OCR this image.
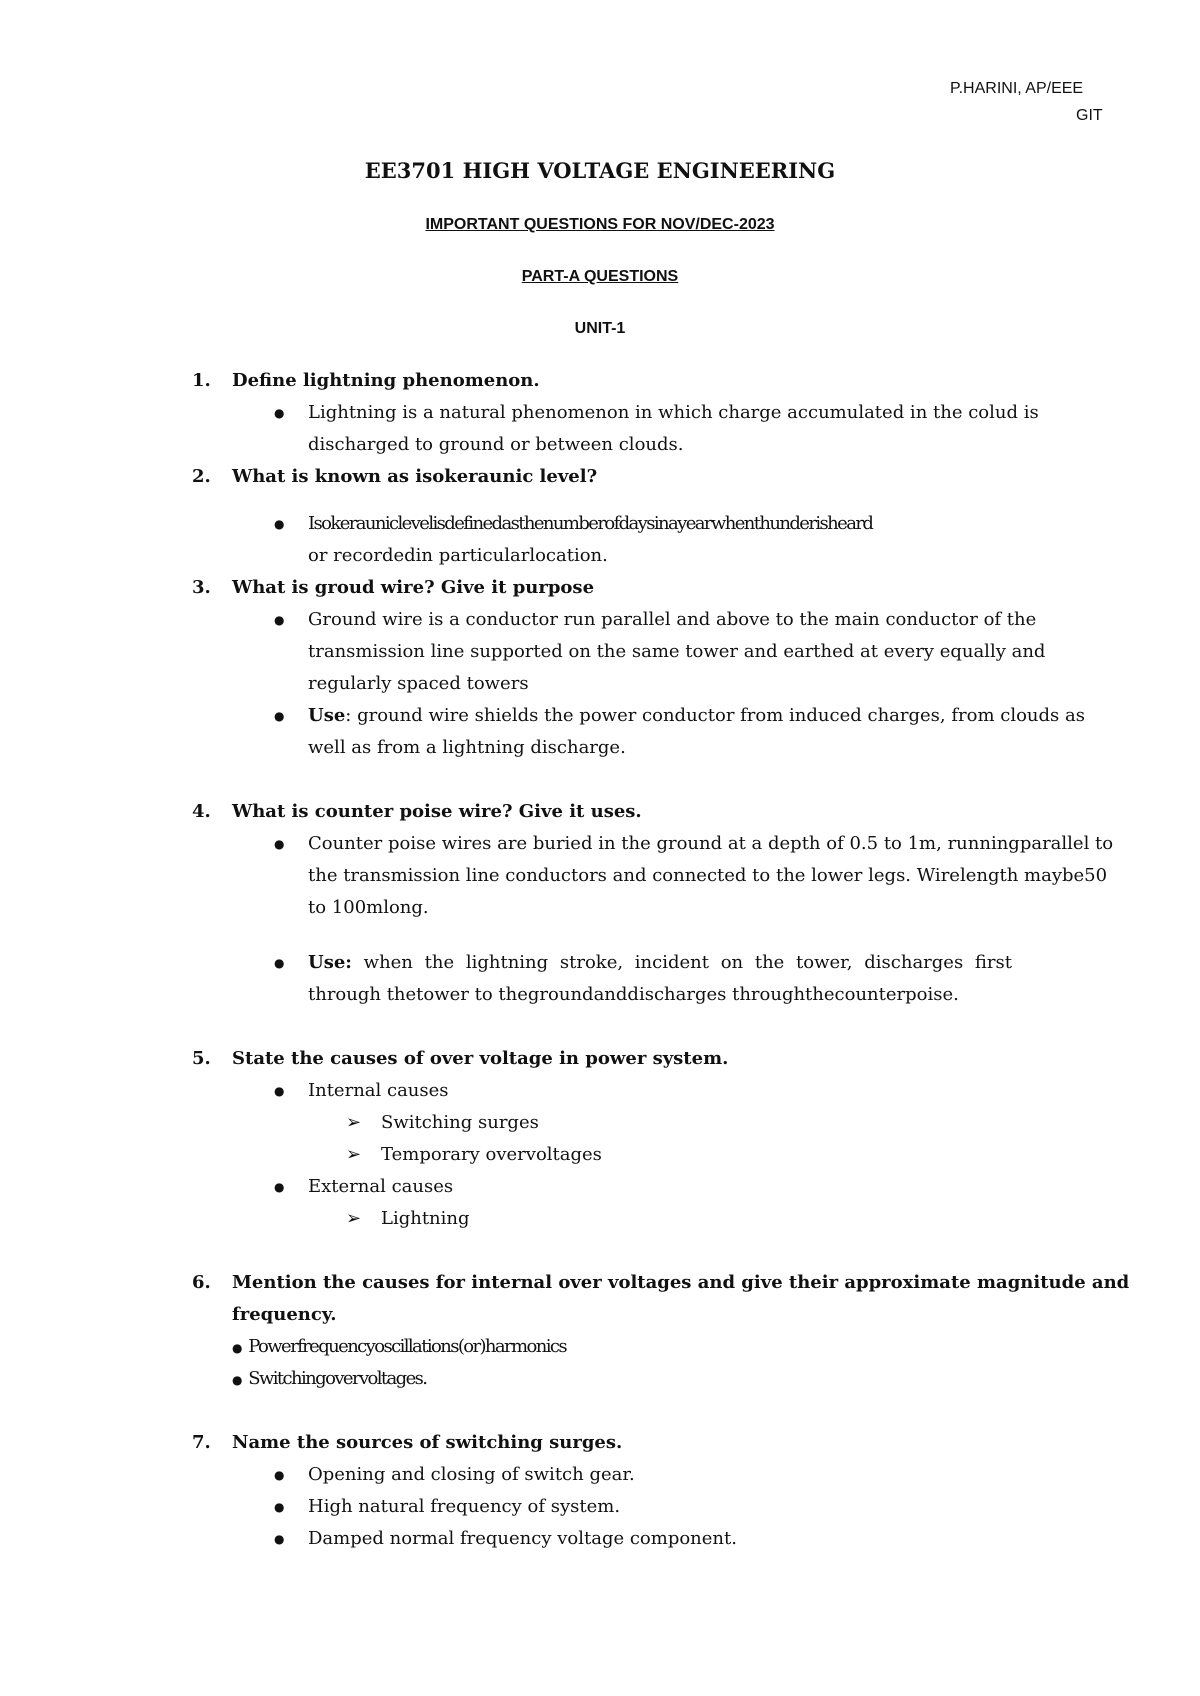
P.HARINI, AP/EEE

GIT

EE3701 HIGH VOLTAGE ENGINEERING

IMPORTANT QUESTIONS FOR NOV/DEC-2023

PART-A QUESTIONS

UNIT-1

1. Define lightning phenomenon.

● Lightning is a natural phenomenon in which charge accumulated in the colud is

discharged to ground or between clouds.

2. What is known as isokeraunic level?

● Isokerauniclevelisdefinedasthenumberofdaysinayearwhenthunderisheard

or recordedin particularlocation.

3. What is groud wire? Give it purpose

● Ground wire is a conductor run parallel and above to the main conductor of the

transmission line supported on the same tower and earthed at every equally and

regularly spaced towers

● Use: ground wire shields the power conductor from induced charges, from clouds as

well as from a lightning discharge.

4. What is counter poise wire? Give it uses.

● Counter poise wires are buried in the ground at a depth of 0.5 to 1m, runningparallel to

the transmission line conductors and connected to the lower legs. Wirelength maybe50

to 100mlong.

● Use: when the lightning stroke, incident on the tower, discharges first

through thetower to thegroundanddischarges throughthecounterpoise.

5. State the causes of over voltage in power system.

● Internal causes

➢ Switching surges

➢ Temporary overvoltages

● External causes

➢ Lightning

6. Mention the causes for internal over voltages and give their approximate magnitude and

frequency.

● Powerfrequencyoscillations(or)harmonics

● Switchingovervoltages.

7. Name the sources of switching surges.

● Opening and closing of switch gear.

● High natural frequency of system.

● Damped normal frequency voltage component.
